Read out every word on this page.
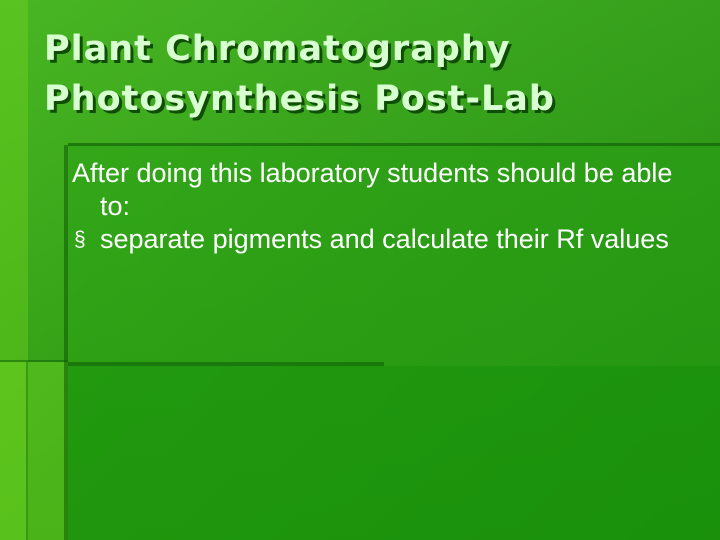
Plant Chromatography
Photosynthesis Post-Lab

After doing this laboratory students should be able to:

§ separate pigments and calculate their Rf values
